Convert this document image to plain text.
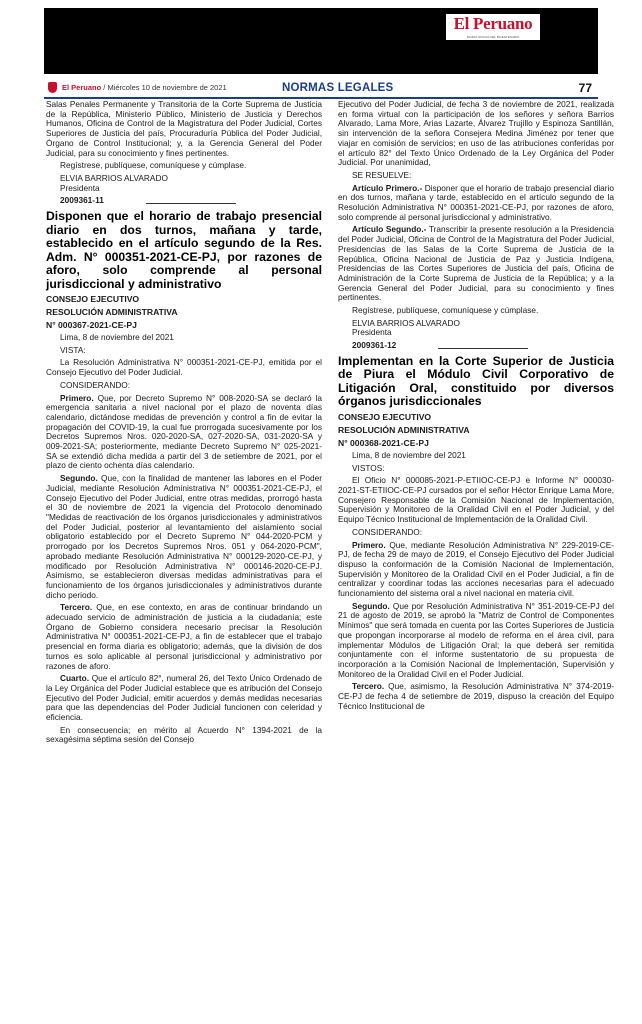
El Peruano
DIARIO OFICIAL DEL BICENTENARIO
El Peruano / Miércoles 10 de noviembre de 2021	NORMAS LEGALES	77

Salas Penales Permanente y Transitoria de la Corte Suprema de Justicia de la República, Ministerio Público, Ministerio de Justicia y Derechos Humanos, Oficina de Control de la Magistratura del Poder Judicial, Cortes Superiores de Justicia del país, Procuraduría Pública del Poder Judicial, Órgano de Control Institucional; y, a la Gerencia General del Poder Judicial, para su conocimiento y fines pertinentes.

Regístrese, publíquese, comuníquese y cúmplase.

ELVIA BARRIOS ALVARADO
Presidenta

2009361-11

Disponen que el horario de trabajo presencial diario en dos turnos, mañana y tarde, establecido en el artículo segundo de la Res. Adm. N° 000351-2021-CE-PJ, por razones de aforo, solo comprende al personal jurisdiccional y administrativo

CONSEJO EJECUTIVO

RESOLUCIÓN ADMINISTRATIVA

N° 000367-2021-CE-PJ

Lima, 8 de noviembre del 2021

VISTA:

La Resolución Administrativa N° 000351-2021-CE-PJ, emitida por el Consejo Ejecutivo del Poder Judicial.

CONSIDERANDO:

Primero. Que, por Decreto Supremo N° 008-2020-SA se declaró la emergencia sanitaria a nivel nacional por el plazo de noventa días calendario, dictándose medidas de prevención y control a fin de evitar la propagación del COVID-19, la cual fue prorrogada sucesivamente por los Decretos Supremos Nros. 020-2020-SA, 027-2020-SA, 031-2020-SA y 009-2021-SA; posteriormente, mediante Decreto Supremo N° 025-2021-SA se extendió dicha medida a partir del 3 de setiembre de 2021, por el plazo de ciento ochenta días calendario.

Segundo. Que, con la finalidad de mantener las labores en el Poder Judicial, mediante Resolución Administrativa N° 000351-2021-CE-PJ, el Consejo Ejecutivo del Poder Judicial, entre otras medidas, prorrogó hasta el 30 de noviembre de 2021 la vigencia del Protocolo denominado "Medidas de reactivación de los órganos jurisdiccionales y administrativos del Poder Judicial, posterior al levantamiento del aislamiento social obligatorio establecido por el Decreto Supremo N° 044-2020-PCM y prorrogado por los Decretos Supremos Nros. 051 y 064-2020-PCM", aprobado mediante Resolución Administrativa N° 000129-2020-CE-PJ, y modificado por Resolución Administrativa N° 000146-2020-CE-PJ. Asimismo, se establecieron diversas medidas administrativas para el funcionamiento de los órganos jurisdiccionales y administrativos durante dicho periodo.

Tercero. Que, en ese contexto, en aras de continuar brindando un adecuado servicio de administración de justicia a la ciudadanía; este Órgano de Gobierno considera necesario precisar la Resolución Administrativa N° 000351-2021-CE-PJ, a fin de establecer que el trabajo presencial en forma diaria es obligatorio; además, que la división de dos turnos es solo aplicable al personal jurisdiccional y administrativo por razones de aforo.

Cuarto. Que el artículo 82°, numeral 26, del Texto Único Ordenado de la Ley Orgánica del Poder Judicial establece que es atribución del Consejo Ejecutivo del Poder Judicial, emitir acuerdos y demás medidas necesarias para que las dependencias del Poder Judicial funcionen con celeridad y eficiencia.

En consecuencia; en mérito al Acuerdo N° 1394-2021 de la sexagésima séptima sesión del Consejo

Ejecutivo del Poder Judicial, de fecha 3 de noviembre de 2021, realizada en forma virtual con la participación de los señores y señora Barrios Alvarado, Lama More, Arias Lazarte, Álvarez Trujillo y Espinoza Santillán, sin intervención de la señora Consejera Medina Jiménez por tener que viajar en comisión de servicios; en uso de las atribuciones conferidas por el artículo 82° del Texto Único Ordenado de la Ley Orgánica del Poder Judicial. Por unanimidad,

SE RESUELVE:

Artículo Primero.- Disponer que el horario de trabajo presencial diario en dos turnos, mañana y tarde, establecido en el artículo segundo de la Resolución Administrativa N° 000351-2021-CE-PJ, por razones de aforo, solo comprende al personal jurisdiccional y administrativo.

Artículo Segundo.- Transcribir la presente resolución a la Presidencia del Poder Judicial, Oficina de Control de la Magistratura del Poder Judicial, Presidencias de las Salas de la Corte Suprema de Justicia de la República, Oficina Nacional de Justicia de Paz y Justicia Indígena, Presidencias de las Cortes Superiores de Justicia del país, Oficina de Administración de la Corte Suprema de Justicia de la República; y a la Gerencia General del Poder Judicial, para su conocimiento y fines pertinentes.

Regístrese, publíquese, comuníquese y cúmplase.

ELVIA BARRIOS ALVARADO
Presidenta

2009361-12

Implementan en la Corte Superior de Justicia de Piura el Módulo Civil Corporativo de Litigación Oral, constituido por diversos órganos jurisdiccionales

CONSEJO EJECUTIVO

RESOLUCIÓN ADMINISTRATIVA

N° 000368-2021-CE-PJ

Lima, 8 de noviembre del 2021

VISTOS:

El Oficio N° 000085-2021-P-ETIIOC-CE-PJ e Informe N° 000030-2021-ST-ETIIOC-CE-PJ cursados por el señor Héctor Enrique Lama More, Consejero Responsable de la Comisión Nacional de Implementación, Supervisión y Monitoreo de la Oralidad Civil en el Poder Judicial, y del Equipo Técnico Institucional de Implementación de la Oralidad Civil.

CONSIDERANDO:

Primero. Que, mediante Resolución Administrativa N° 229-2019-CE-PJ, de fecha 29 de mayo de 2019, el Consejo Ejecutivo del Poder Judicial dispuso la conformación de la Comisión Nacional de Implementación, Supervisión y Monitoreo de la Oralidad Civil en el Poder Judicial, a fin de centralizar y coordinar todas las acciones necesarias para el adecuado funcionamiento del sistema oral a nivel nacional en materia civil.

Segundo. Que por Resolución Administrativa N° 351-2019-CE-PJ del 21 de agosto de 2019, se aprobó la "Matriz de Control de Componentes Mínimos" que será tomada en cuenta por las Cortes Superiores de Justicia que propongan incorporarse al modelo de reforma en el área civil, para implementar Módulos de Litigación Oral; la que deberá ser remitida conjuntamente con el informe sustentatorio de su propuesta de incorporación a la Comisión Nacional de Implementación, Supervisión y Monitoreo de la Oralidad Civil en el Poder Judicial.

Tercero. Que, asimismo, la Resolución Administrativa N° 374-2019-CE-PJ de fecha 4 de setiembre de 2019, dispuso la creación del Equipo Técnico Institucional de
